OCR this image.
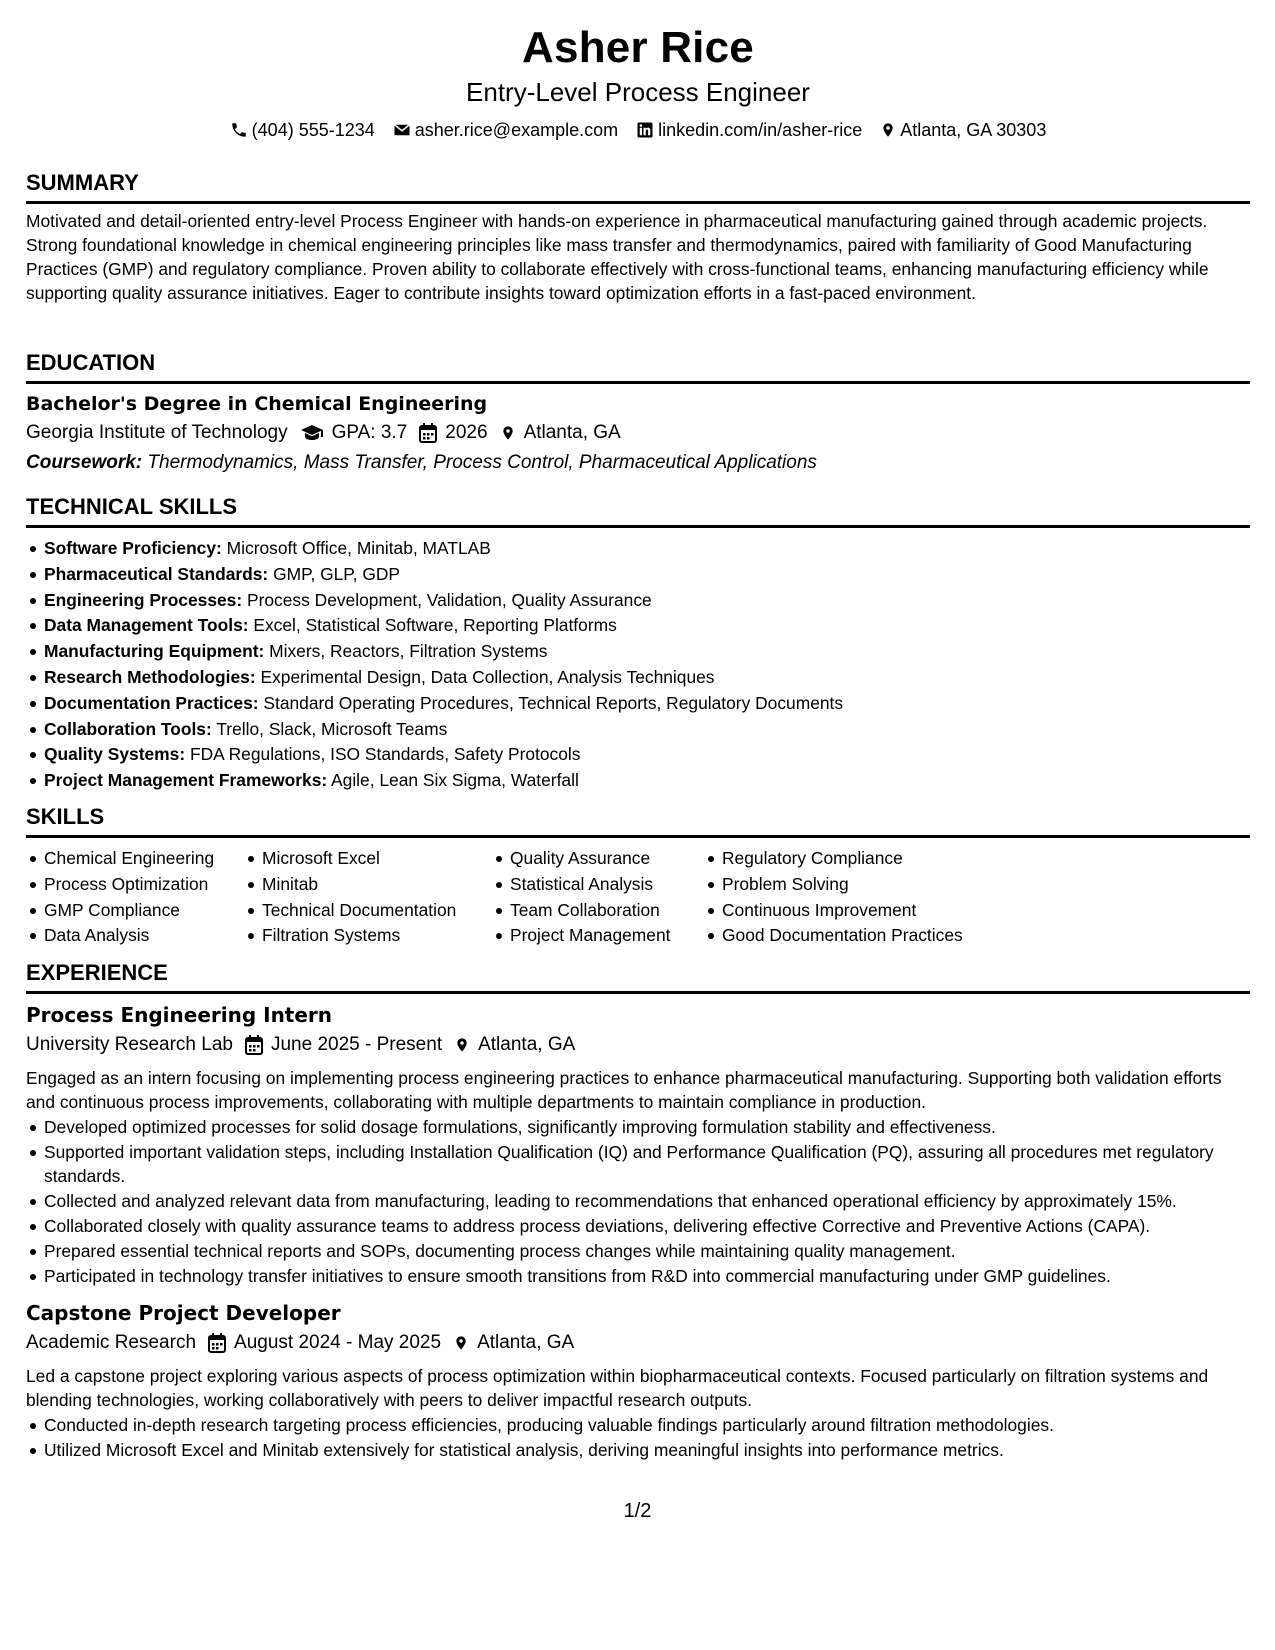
Asher Rice
Entry-Level Process Engineer
(404) 555-1234 asher.rice@example.com linkedin.com/in/asher-rice Atlanta, GA 30303
SUMMARY
Motivated and detail-oriented entry-level Process Engineer with hands-on experience in pharmaceutical manufacturing gained through academic projects. Strong foundational knowledge in chemical engineering principles like mass transfer and thermodynamics, paired with familiarity of Good Manufacturing Practices (GMP) and regulatory compliance. Proven ability to collaborate effectively with cross-functional teams, enhancing manufacturing efficiency while supporting quality assurance initiatives. Eager to contribute insights toward optimization efforts in a fast-paced environment.
EDUCATION
Bachelor's Degree in Chemical Engineering
Georgia Institute of Technology GPA: 3.7 2026 Atlanta, GA
Coursework: Thermodynamics, Mass Transfer, Process Control, Pharmaceutical Applications
TECHNICAL SKILLS
Software Proficiency: Microsoft Office, Minitab, MATLAB
Pharmaceutical Standards: GMP, GLP, GDP
Engineering Processes: Process Development, Validation, Quality Assurance
Data Management Tools: Excel, Statistical Software, Reporting Platforms
Manufacturing Equipment: Mixers, Reactors, Filtration Systems
Research Methodologies: Experimental Design, Data Collection, Analysis Techniques
Documentation Practices: Standard Operating Procedures, Technical Reports, Regulatory Documents
Collaboration Tools: Trello, Slack, Microsoft Teams
Quality Systems: FDA Regulations, ISO Standards, Safety Protocols
Project Management Frameworks: Agile, Lean Six Sigma, Waterfall
SKILLS
Chemical Engineering
Process Optimization
GMP Compliance
Data Analysis
Microsoft Excel
Minitab
Technical Documentation
Filtration Systems
Quality Assurance
Statistical Analysis
Team Collaboration
Project Management
Regulatory Compliance
Problem Solving
Continuous Improvement
Good Documentation Practices
EXPERIENCE
Process Engineering Intern
University Research Lab June 2025 - Present Atlanta, GA
Engaged as an intern focusing on implementing process engineering practices to enhance pharmaceutical manufacturing. Supporting both validation efforts and continuous process improvements, collaborating with multiple departments to maintain compliance in production.
Developed optimized processes for solid dosage formulations, significantly improving formulation stability and effectiveness.
Supported important validation steps, including Installation Qualification (IQ) and Performance Qualification (PQ), assuring all procedures met regulatory standards.
Collected and analyzed relevant data from manufacturing, leading to recommendations that enhanced operational efficiency by approximately 15%.
Collaborated closely with quality assurance teams to address process deviations, delivering effective Corrective and Preventive Actions (CAPA).
Prepared essential technical reports and SOPs, documenting process changes while maintaining quality management.
Participated in technology transfer initiatives to ensure smooth transitions from R&D into commercial manufacturing under GMP guidelines.
Capstone Project Developer
Academic Research August 2024 - May 2025 Atlanta, GA
Led a capstone project exploring various aspects of process optimization within biopharmaceutical contexts. Focused particularly on filtration systems and blending technologies, working collaboratively with peers to deliver impactful research outputs.
Conducted in-depth research targeting process efficiencies, producing valuable findings particularly around filtration methodologies.
Utilized Microsoft Excel and Minitab extensively for statistical analysis, deriving meaningful insights into performance metrics.
1/2
